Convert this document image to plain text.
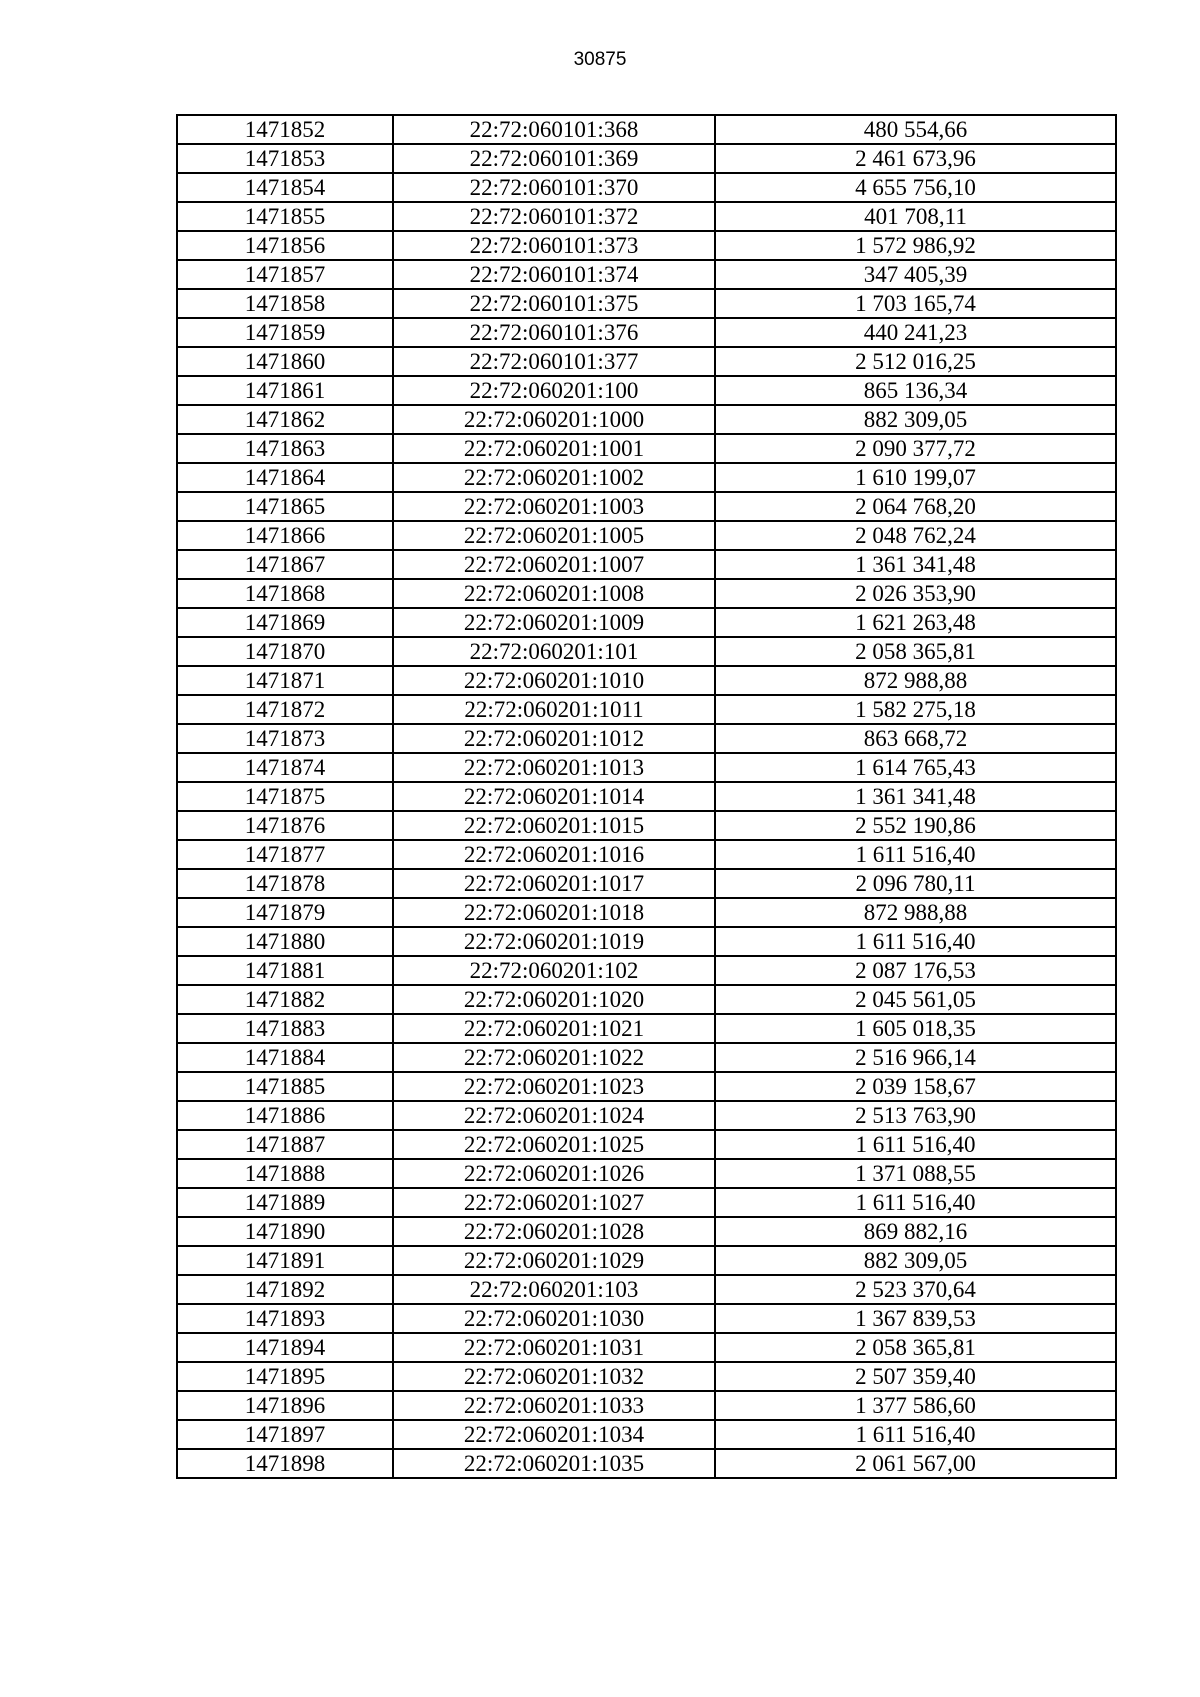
30875
1471852	22:72:060101:368	480 554,66
1471853	22:72:060101:369	2 461 673,96
1471854	22:72:060101:370	4 655 756,10
1471855	22:72:060101:372	401 708,11
1471856	22:72:060101:373	1 572 986,92
1471857	22:72:060101:374	347 405,39
1471858	22:72:060101:375	1 703 165,74
1471859	22:72:060101:376	440 241,23
1471860	22:72:060101:377	2 512 016,25
1471861	22:72:060201:100	865 136,34
1471862	22:72:060201:1000	882 309,05
1471863	22:72:060201:1001	2 090 377,72
1471864	22:72:060201:1002	1 610 199,07
1471865	22:72:060201:1003	2 064 768,20
1471866	22:72:060201:1005	2 048 762,24
1471867	22:72:060201:1007	1 361 341,48
1471868	22:72:060201:1008	2 026 353,90
1471869	22:72:060201:1009	1 621 263,48
1471870	22:72:060201:101	2 058 365,81
1471871	22:72:060201:1010	872 988,88
1471872	22:72:060201:1011	1 582 275,18
1471873	22:72:060201:1012	863 668,72
1471874	22:72:060201:1013	1 614 765,43
1471875	22:72:060201:1014	1 361 341,48
1471876	22:72:060201:1015	2 552 190,86
1471877	22:72:060201:1016	1 611 516,40
1471878	22:72:060201:1017	2 096 780,11
1471879	22:72:060201:1018	872 988,88
1471880	22:72:060201:1019	1 611 516,40
1471881	22:72:060201:102	2 087 176,53
1471882	22:72:060201:1020	2 045 561,05
1471883	22:72:060201:1021	1 605 018,35
1471884	22:72:060201:1022	2 516 966,14
1471885	22:72:060201:1023	2 039 158,67
1471886	22:72:060201:1024	2 513 763,90
1471887	22:72:060201:1025	1 611 516,40
1471888	22:72:060201:1026	1 371 088,55
1471889	22:72:060201:1027	1 611 516,40
1471890	22:72:060201:1028	869 882,16
1471891	22:72:060201:1029	882 309,05
1471892	22:72:060201:103	2 523 370,64
1471893	22:72:060201:1030	1 367 839,53
1471894	22:72:060201:1031	2 058 365,81
1471895	22:72:060201:1032	2 507 359,40
1471896	22:72:060201:1033	1 377 586,60
1471897	22:72:060201:1034	1 611 516,40
1471898	22:72:060201:1035	2 061 567,00
